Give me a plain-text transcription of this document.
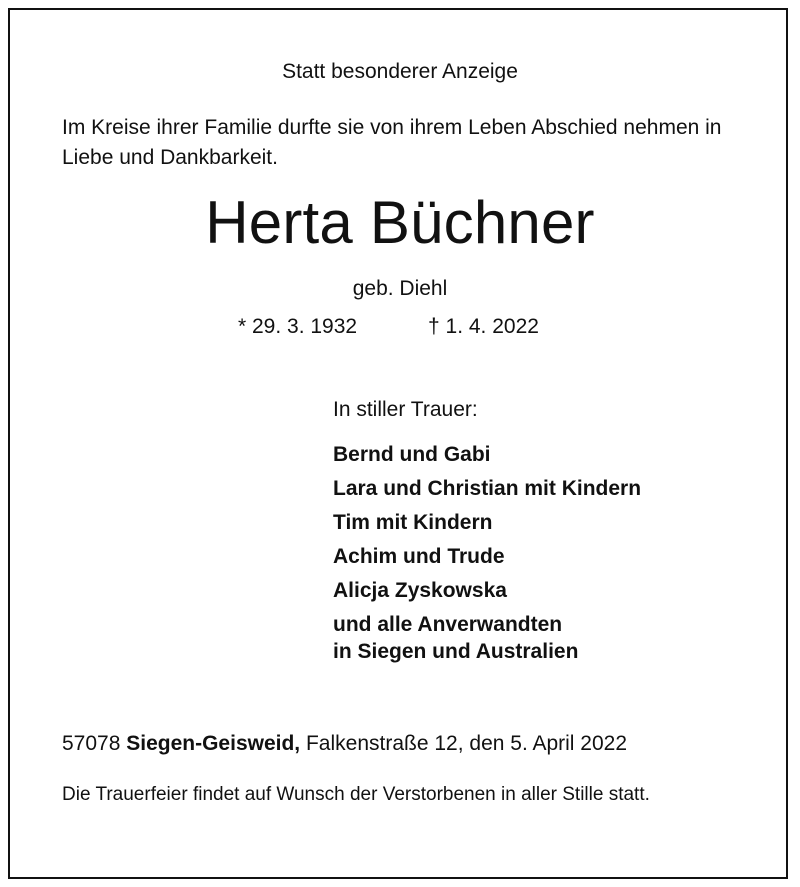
Statt besonderer Anzeige
Im Kreise ihrer Familie durfte sie von ihrem Leben Abschied nehmen in Liebe und Dankbarkeit.
Herta Büchner
geb. Diehl
* 29. 3. 1932	† 1. 4. 2022
In stiller Trauer:
Bernd und Gabi
Lara und Christian mit Kindern
Tim mit Kindern
Achim und Trude
Alicja Zyskowska
und alle Anverwandten
in Siegen und Australien
57078 Siegen-Geisweid, Falkenstraße 12, den 5. April 2022
Die Trauerfeier findet auf Wunsch der Verstorbenen in aller Stille statt.
